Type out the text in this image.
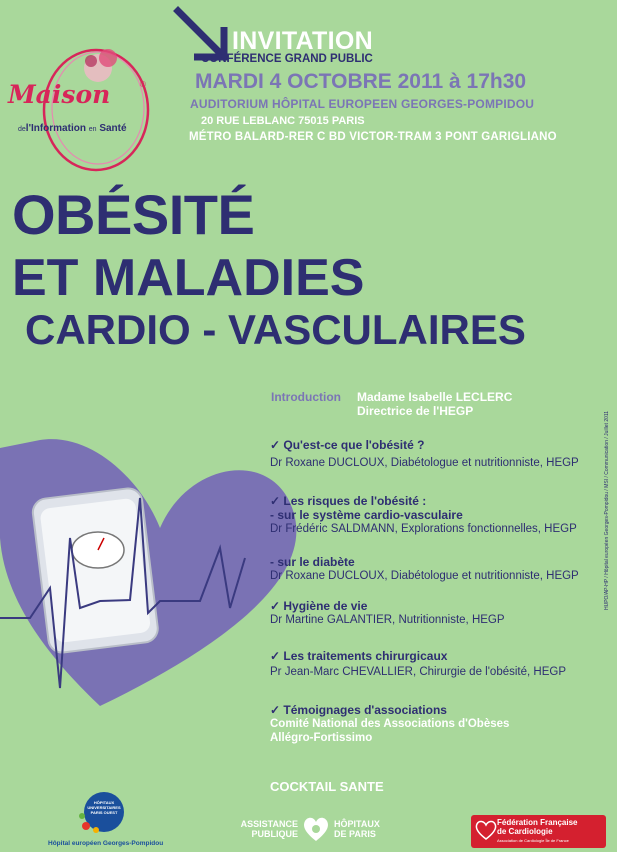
INVITATION
CONFÉRENCE GRAND PUBLIC
MARDI 4 OCTOBRE 2011 à 17h30
AUDITORIUM HÔPITAL EUROPEEN GEORGES-POMPIDOU
20 RUE LEBLANC 75015 PARIS
MÉTRO BALARD-RER C BD VICTOR-TRAM 3 PONT GARIGLIANO
Maison	®
del'Information en Santé
OBÉSITÉ
ET MALADIES
CARDIO - VASCULAIRES
Introduction Madame Isabelle LECLERC
Directrice de l'HEGP
✓ Qu'est-ce que l'obésité ?
Dr Roxane DUCLOUX, Diabétologue et nutritionniste, HEGP
✓ Les risques de l'obésité :
- sur le système cardio-vasculaire
Dr Frédéric SALDMANN, Explorations fonctionnelles, HEGP
- sur le diabète
Dr Roxane DUCLOUX, Diabétologue et nutritionniste, HEGP
✓ Hygiène de vie
Dr Martine GALANTIER, Nutritionniste, HEGP
✓ Les traitements chirurgicaux
Pr Jean-Marc CHEVALLIER, Chirurgie de l'obésité, HEGP
✓ Témoignages d'associations
Comité National des Associations d'Obèses
Allégro-Fortissimo
COCKTAIL SANTE
HUPO/AP-HP / Hôpital européen Georges-Pompidou / MSI / Communication / Juillet 2011
HÔPITAUX
UNIVERSITAIRES
PARIS OUEST
Hôpital européen Georges-Pompidou
ASSISTANCE
PUBLIQUE
HÔPITAUX
DE PARIS
Fédération Française
de Cardiologie
Association de Cardiologie Île de France
